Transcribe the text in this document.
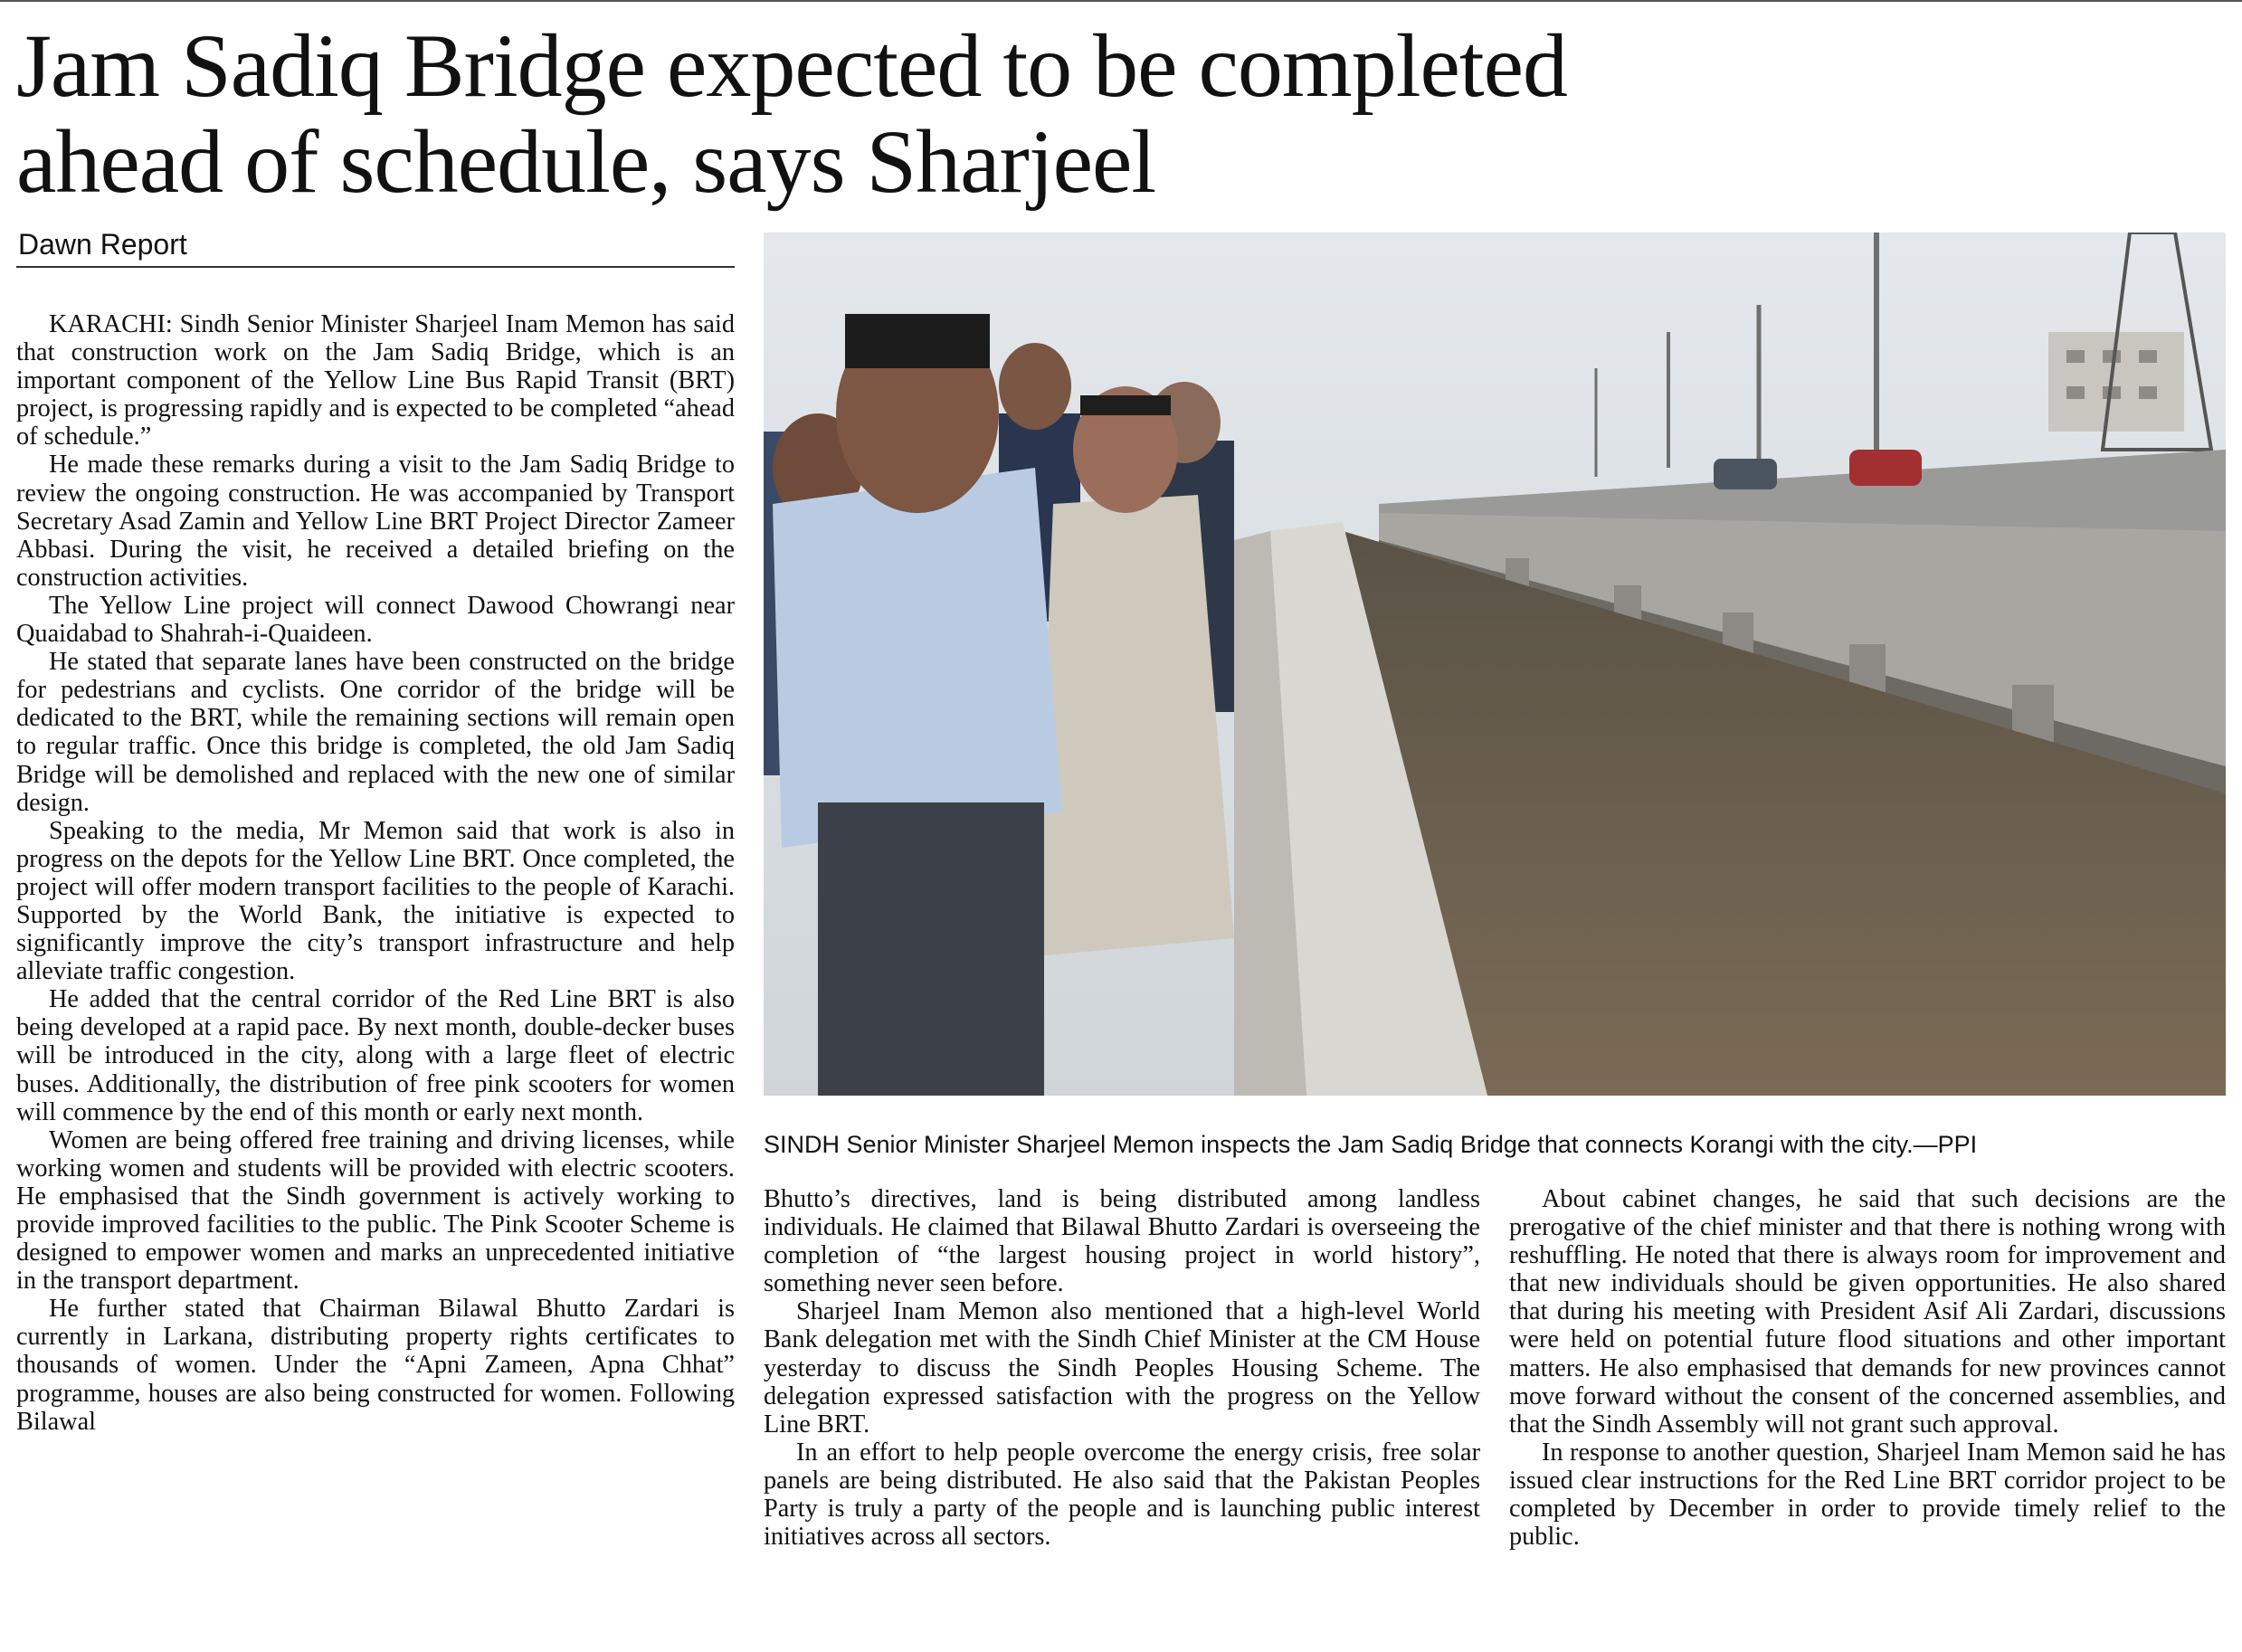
Jam Sadiq Bridge expected to be completed
ahead of schedule, says Sharjeel
Dawn Report

KARACHI: Sindh Senior Minister Sharjeel Inam Memon has said that construction work on the Jam Sadiq Bridge, which is an important component of the Yellow Line Bus Rapid Transit (BRT) project, is progressing rapidly and is expected to be completed “ahead of schedule.”

He made these remarks during a visit to the Jam Sadiq Bridge to review the ongoing construction. He was accompanied by Transport Secretary Asad Zamin and Yellow Line BRT Project Director Zameer Abbasi. During the visit, he received a detailed briefing on the construction activities.

The Yellow Line project will connect Dawood Chowrangi near Quaidabad to Shahrah-i-Quaideen.

He stated that separate lanes have been constructed on the bridge for pedestrians and cyclists. One corridor of the bridge will be dedicated to the BRT, while the remaining sections will remain open to regular traffic. Once this bridge is completed, the old Jam Sadiq Bridge will be demolished and replaced with the new one of similar design.

Speaking to the media, Mr Memon said that work is also in progress on the depots for the Yellow Line BRT. Once completed, the project will offer modern transport facilities to the people of Karachi. Supported by the World Bank, the initiative is expected to significantly improve the city’s transport infrastructure and help alleviate traffic congestion.

He added that the central corridor of the Red Line BRT is also being developed at a rapid pace. By next month, double-decker buses will be introduced in the city, along with a large fleet of electric buses. Additionally, the distribution of free pink scooters for women will commence by the end of this month or early next month.

Women are being offered free training and driving licenses, while working women and students will be provided with electric scooters. He emphasised that the Sindh government is actively working to provide improved facilities to the public. The Pink Scooter Scheme is designed to empower women and marks an unprecedented initiative in the transport department.

He further stated that Chairman Bilawal Bhutto Zardari is currently in Larkana, distributing property rights certificates to thousands of women. Under the “Apni Zameen, Apna Chhat” programme, houses are also being constructed for women. Following Bilawal

SINDH Senior Minister Sharjeel Memon inspects the Jam Sadiq Bridge that connects Korangi with the city.—PPI

Bhutto’s directives, land is being distributed among landless individuals. He claimed that Bilawal Bhutto Zardari is overseeing the completion of “the largest housing project in world history”, something never seen before.

Sharjeel Inam Memon also mentioned that a high-level World Bank delegation met with the Sindh Chief Minister at the CM House yesterday to discuss the Sindh Peoples Housing Scheme. The delegation expressed satisfaction with the progress on the Yellow Line BRT.

In an effort to help people overcome the energy crisis, free solar panels are being distributed. He also said that the Pakistan Peoples Party is truly a party of the people and is launching public interest initiatives across all sectors.

About cabinet changes, he said that such decisions are the prerogative of the chief minister and that there is nothing wrong with reshuffling. He noted that there is always room for improvement and that new individuals should be given opportunities. He also shared that during his meeting with President Asif Ali Zardari, discussions were held on potential future flood situations and other important matters. He also emphasised that demands for new provinces cannot move forward without the consent of the concerned assemblies, and that the Sindh Assembly will not grant such approval.

In response to another question, Sharjeel Inam Memon said he has issued clear instructions for the Red Line BRT corridor project to be completed by December in order to provide timely relief to the public.
